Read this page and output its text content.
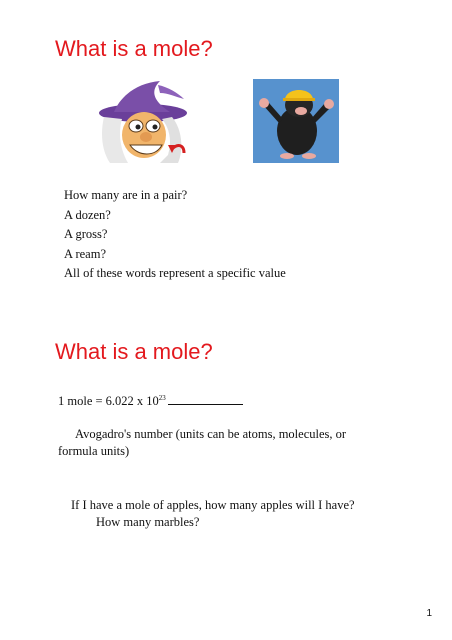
What is a mole?
How many are in a pair?
A dozen?
A gross?
A ream?
All of these words represent a specific value
What is a mole?

1 mole = 6.022 x $10^{23}$

Avogadro's number (units can be atoms, molecules, or formula units)

If I have a mole of apples, how many apples will I have?

How many marbles?

1
